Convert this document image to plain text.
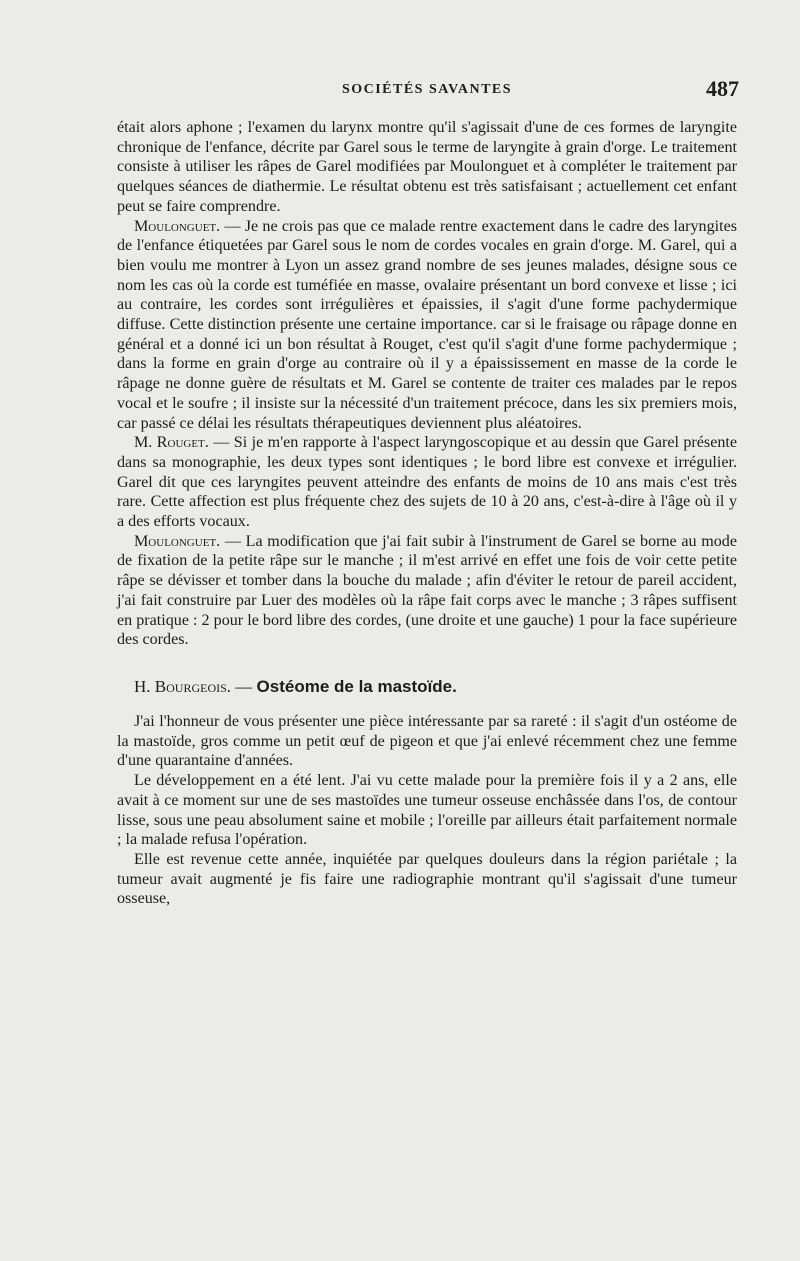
SOCIÉTÉS SAVANTES	487

était alors aphone ; l'examen du larynx montre qu'il s'agissait d'une de ces formes de laryngite chronique de l'enfance, décrite par Garel sous le terme de laryngite à grain d'orge. Le traitement consiste à utiliser les râpes de Garel modifiées par Moulonguet et à compléter le traitement par quelques séances de diathermie. Le résultat obtenu est très satisfaisant ; actuellement cet enfant peut se faire comprendre.

Moulonguet. — Je ne crois pas que ce malade rentre exactement dans le cadre des laryngites de l'enfance étiquetées par Garel sous le nom de cordes vocales en grain d'orge. M. Garel, qui a bien voulu me montrer à Lyon un assez grand nombre de ses jeunes malades, désigne sous ce nom les cas où la corde est tuméfiée en masse, ovalaire présentant un bord convexe et lisse ; ici au contraire, les cordes sont irrégulières et épaissies, il s'agit d'une forme pachydermique diffuse. Cette distinction présente une certaine importance. car si le fraisage ou râpage donne en général et a donné ici un bon résultat à Rouget, c'est qu'il s'agit d'une forme pachydermique ; dans la forme en grain d'orge au contraire où il y a épaississement en masse de la corde le râpage ne donne guère de résultats et M. Garel se contente de traiter ces malades par le repos vocal et le soufre ; il insiste sur la nécessité d'un traitement précoce, dans les six premiers mois, car passé ce délai les résultats thérapeutiques deviennent plus aléatoires.

M. Rouget. — Si je m'en rapporte à l'aspect laryngoscopique et au dessin que Garel présente dans sa monographie, les deux types sont identiques ; le bord libre est convexe et irrégulier. Garel dit que ces laryngites peuvent atteindre des enfants de moins de 10 ans mais c'est très rare. Cette affection est plus fréquente chez des sujets de 10 à 20 ans, c'est-à-dire à l'âge où il y a des efforts vocaux.

Moulonguet. — La modification que j'ai fait subir à l'instrument de Garel se borne au mode de fixation de la petite râpe sur le manche ; il m'est arrivé en effet une fois de voir cette petite râpe se dévisser et tomber dans la bouche du malade ; afin d'éviter le retour de pareil accident, j'ai fait construire par Luer des modèles où la râpe fait corps avec le manche ; 3 râpes suffisent en pratique : 2 pour le bord libre des cordes, (une droite et une gauche) 1 pour la face supérieure des cordes.

H. Bourgeois. — Ostéome de la mastoïde.

J'ai l'honneur de vous présenter une pièce intéressante par sa rareté : il s'agit d'un ostéome de la mastoïde, gros comme un petit œuf de pigeon et que j'ai enlevé récemment chez une femme d'une quarantaine d'années.

Le développement en a été lent. J'ai vu cette malade pour la première fois il y a 2 ans, elle avait à ce moment sur une de ses mastoïdes une tumeur osseuse enchâssée dans l'os, de contour lisse, sous une peau absolument saine et mobile ; l'oreille par ailleurs était parfaitement normale ; la malade refusa l'opération.

Elle est revenue cette année, inquiétée par quelques douleurs dans la région pariétale ; la tumeur avait augmenté je fis faire une radiographie montrant qu'il s'agissait d'une tumeur osseuse,
